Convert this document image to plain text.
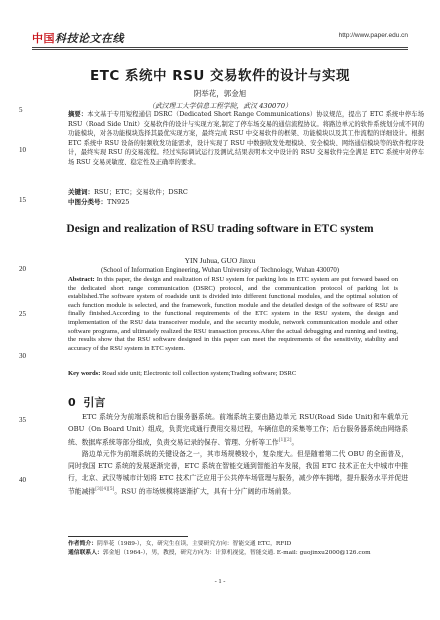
中国科技论文在线	http://www.paper.edu.cn
5
10
15
20
25
30
35
40
ETC 系统中 RSU 交易软件的设计与实现
阴举花，郭金旭
（武汉理工大学信息工程学院，武汉 430070）
摘要：本文基于专用短程通信 DSRC（Dedicated Short Range Communications）协议规范，提出了 ETC 系统中停车场 RSU（Road Side Unit）交易软件的设计与实现方案,制定了停车场交易的通信流程协议。将路边单元的软件系统划分成不同的功能模块，对各功能模块选择其最优实现方案，最终完成 RSU 中交易软件的框架、功能模块以及其工作流程的详细设计。根据 ETC 系统中 RSU 设备的射频收发功能需求，设计实现了 RSU 中数据收发处理模块、安全模块、网络通信模块等的软件程序设计，最终实现 RSU 的交易流程。经过实际调试运行及测试,结果表明本文中设计的 RSU 交易软件完全满足 ETC 系统中对停车场 RSU 交易灵敏度、稳定性及正确率的要求。
关键词：RSU；ETC；交易软件；DSRC
中图分类号：TN925
Design and realization of RSU trading software in ETC system
YIN Juhua, GUO Jinxu
(School of Information Engineering, Wuhan University of Technology, Wuhan 430070)
Abstract: In this paper, the design and realization of RSU system for parking lots in ETC system are put forward based on the dedicated short range communication (DSRC) protocol, and the communication protocol of parking lot is established.The software system of roadside unit is divided into different functional modules, and the optimal solution of each function module is selected, and the framework, function module and the detailed design of the software of RSU are finally finished.According to the functional requirements of the ETC system in the RSU system, the design and implementation of the RSU data transceiver module, and the security module, network communication module and other software programs, and ultimately realized the RSU transaction process.After the actual debugging and running and testing, the results show that the RSU software designed in this paper can meet the requirements of the sensitivity, stability and accuracy of the RSU system in ETC system.
Key words: Road side unit; Electronic toll collection system;Trading software; DSRC
0 引言

ETC 系统分为前端系统和后台服务器系统。前端系统主要由路边单元 RSU(Road Side Unit)和车载单元 OBU（On Board Unit）组成，负责完成通行费用交易过程，车辆信息的采集等工作；后台服务器系统由网络系统、数据库系统等部分组成，负责交易记录的保存、管理、分析等工作[1][2]。

路边单元作为前端系统的关键设备之一，其市场规模较小，复杂度大。但是随着第二代 OBU 的全面普及，同时我国 ETC 系统的发展逐渐完善，ETC 系统在智能交通到智能泊车发展，我国 ETC 技术正在大中城市中推行，北京、武汉等城市计划将 ETC 技术广泛应用于公共停车场管理与服务，减少停车拥堵，提升服务水平并促进节能减排[3][4][5]。RSU 的市场规模将逐渐扩大，具有十分广阔的市场前景。

作者简介：阴举花（1989-），女，研究生在读，主要研究方向：智能交通 ETC，RFID
通信联系人：郭金旭（1964-），男，教授，研究方向为：计算机视觉，智能交通. E-mail: guojinxu2000@126.com
- 1 -
